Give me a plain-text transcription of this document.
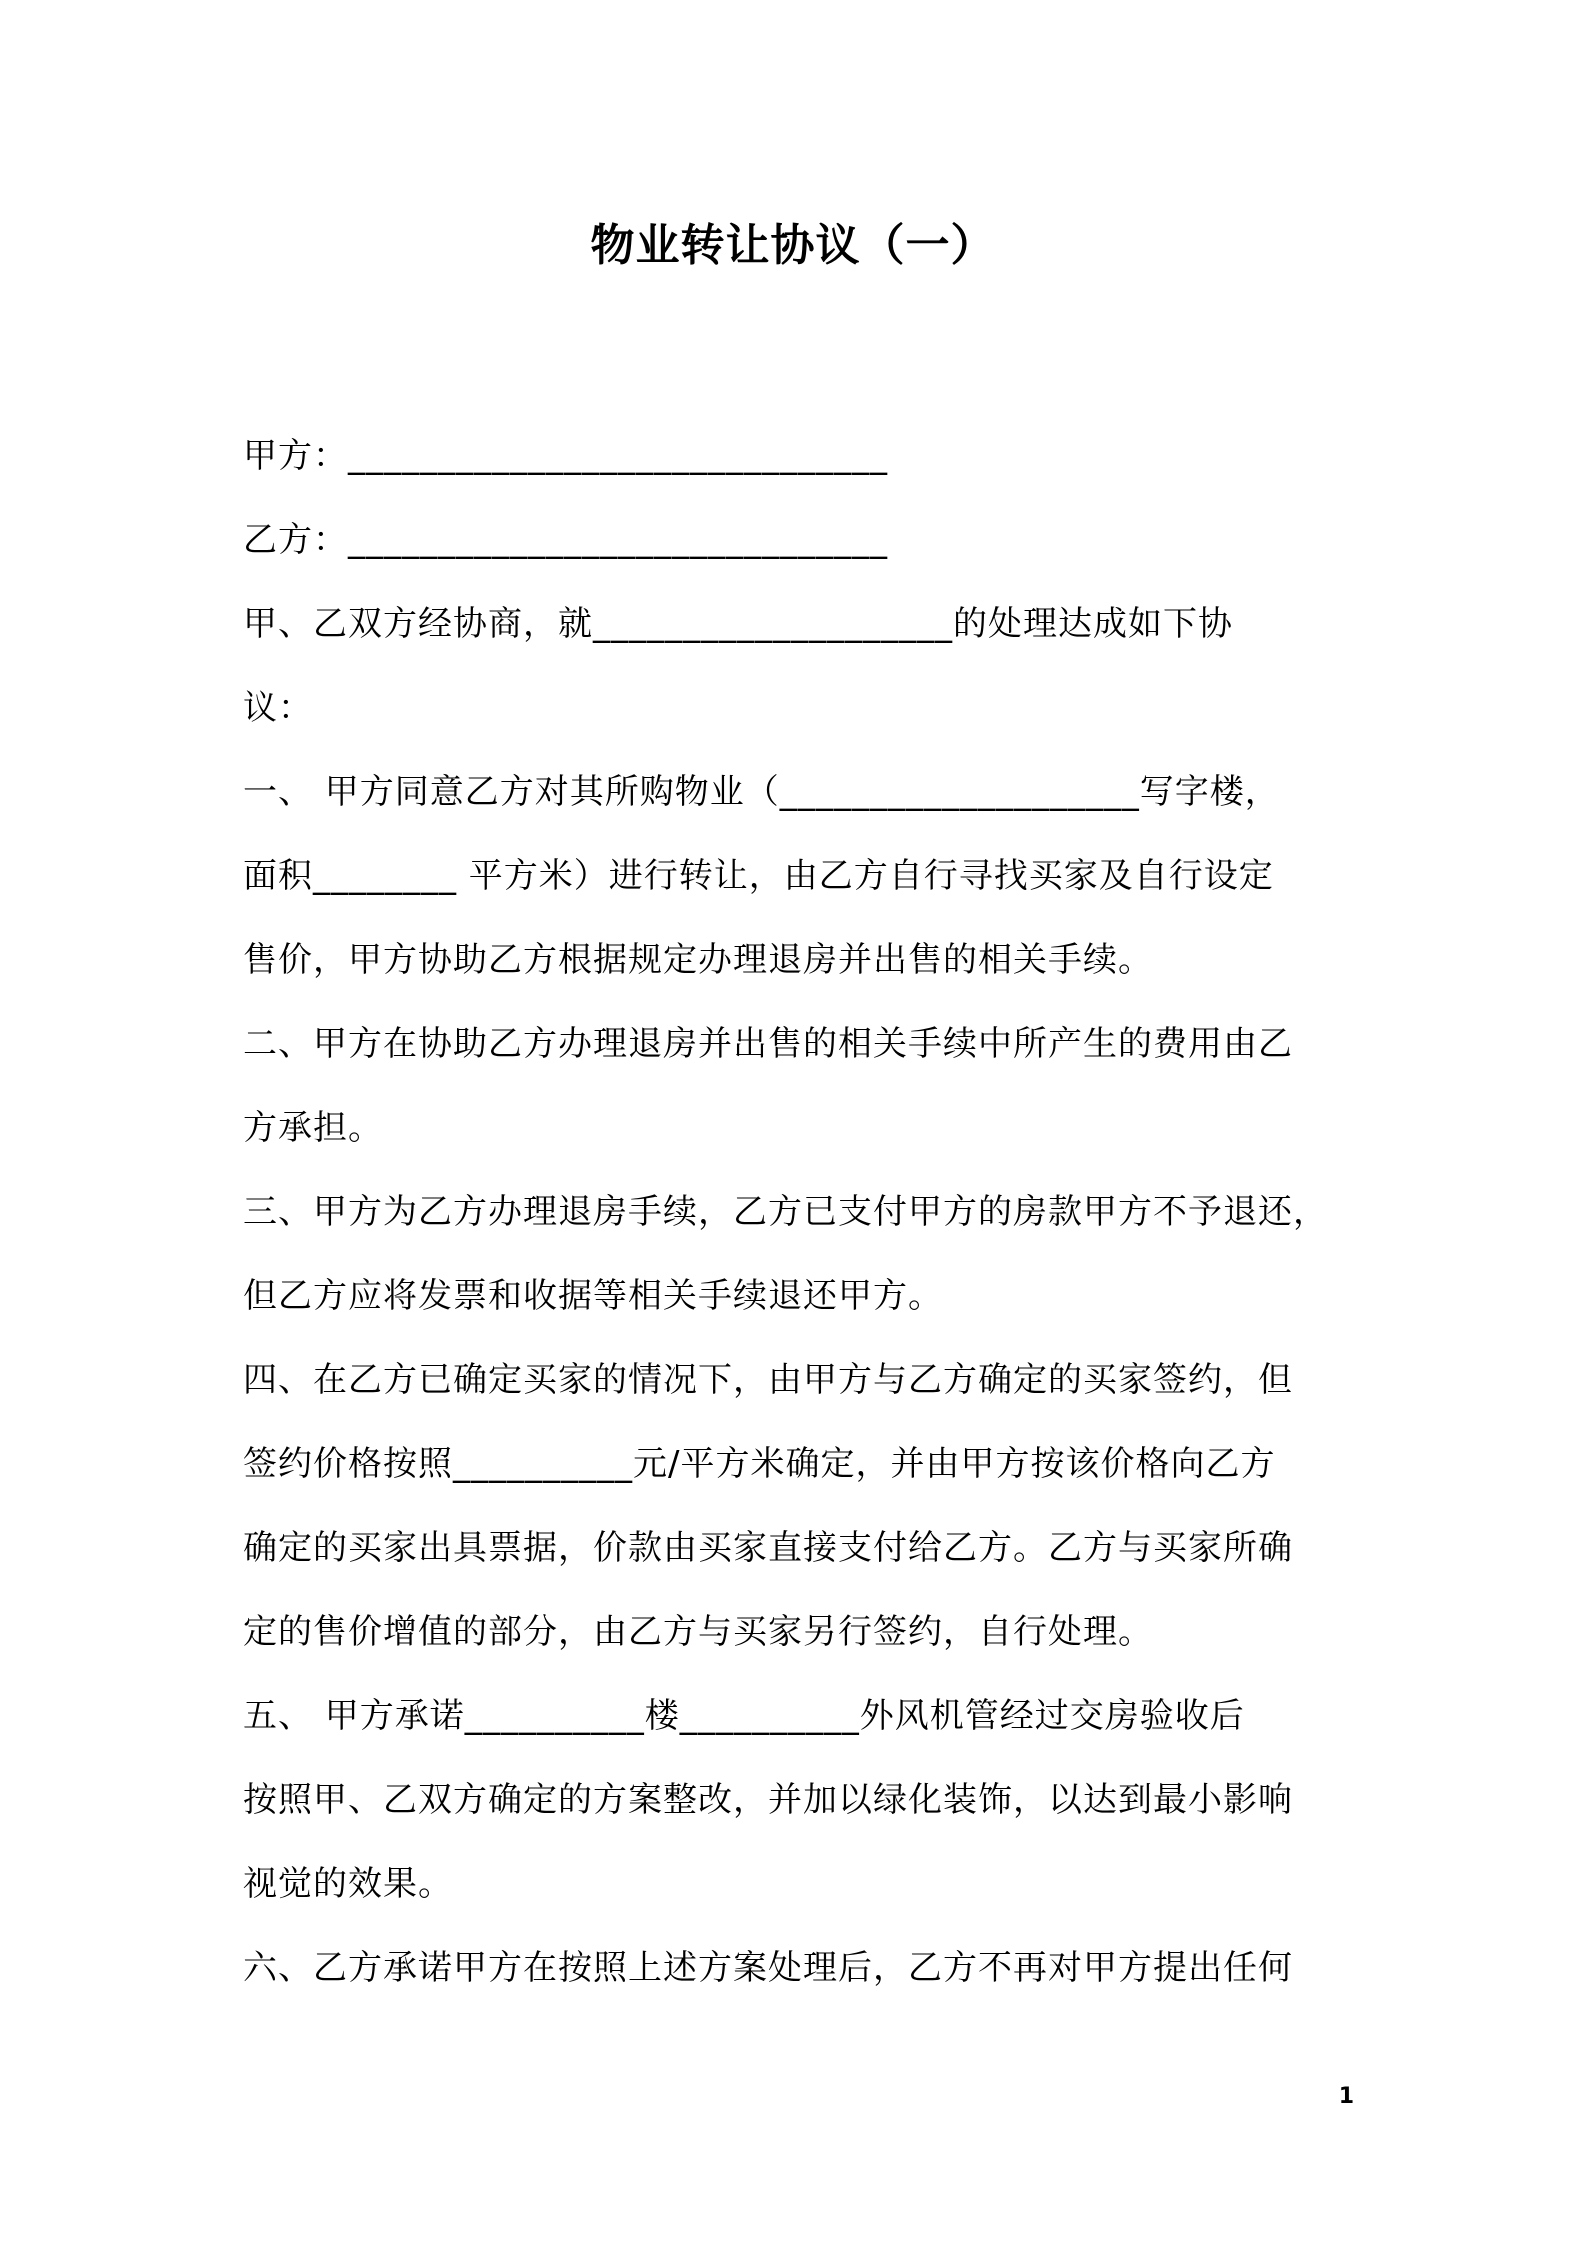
物业转让协议（一）
甲方：______________________________
乙方：______________________________
甲、乙双方经协商，就____________________的处理达成如下协
议：
一、 甲方同意乙方对其所购物业（____________________写字楼，
面积________ 平方米）进行转让，由乙方自行寻找买家及自行设定
售价，甲方协助乙方根据规定办理退房并出售的相关手续。
二、甲方在协助乙方办理退房并出售的相关手续中所产生的费用由乙
方承担。
三、甲方为乙方办理退房手续，乙方已支付甲方的房款甲方不予退还，
但乙方应将发票和收据等相关手续退还甲方。
四、在乙方已确定买家的情况下，由甲方与乙方确定的买家签约，但
签约价格按照__________元/平方米确定，并由甲方按该价格向乙方
确定的买家出具票据，价款由买家直接支付给乙方。乙方与买家所确
定的售价增值的部分，由乙方与买家另行签约，自行处理。
五、 甲方承诺__________楼__________外风机管经过交房验收后
按照甲、乙双方确定的方案整改，并加以绿化装饰，以达到最小影响
视觉的效果。
六、乙方承诺甲方在按照上述方案处理后，乙方不再对甲方提出任何
1
